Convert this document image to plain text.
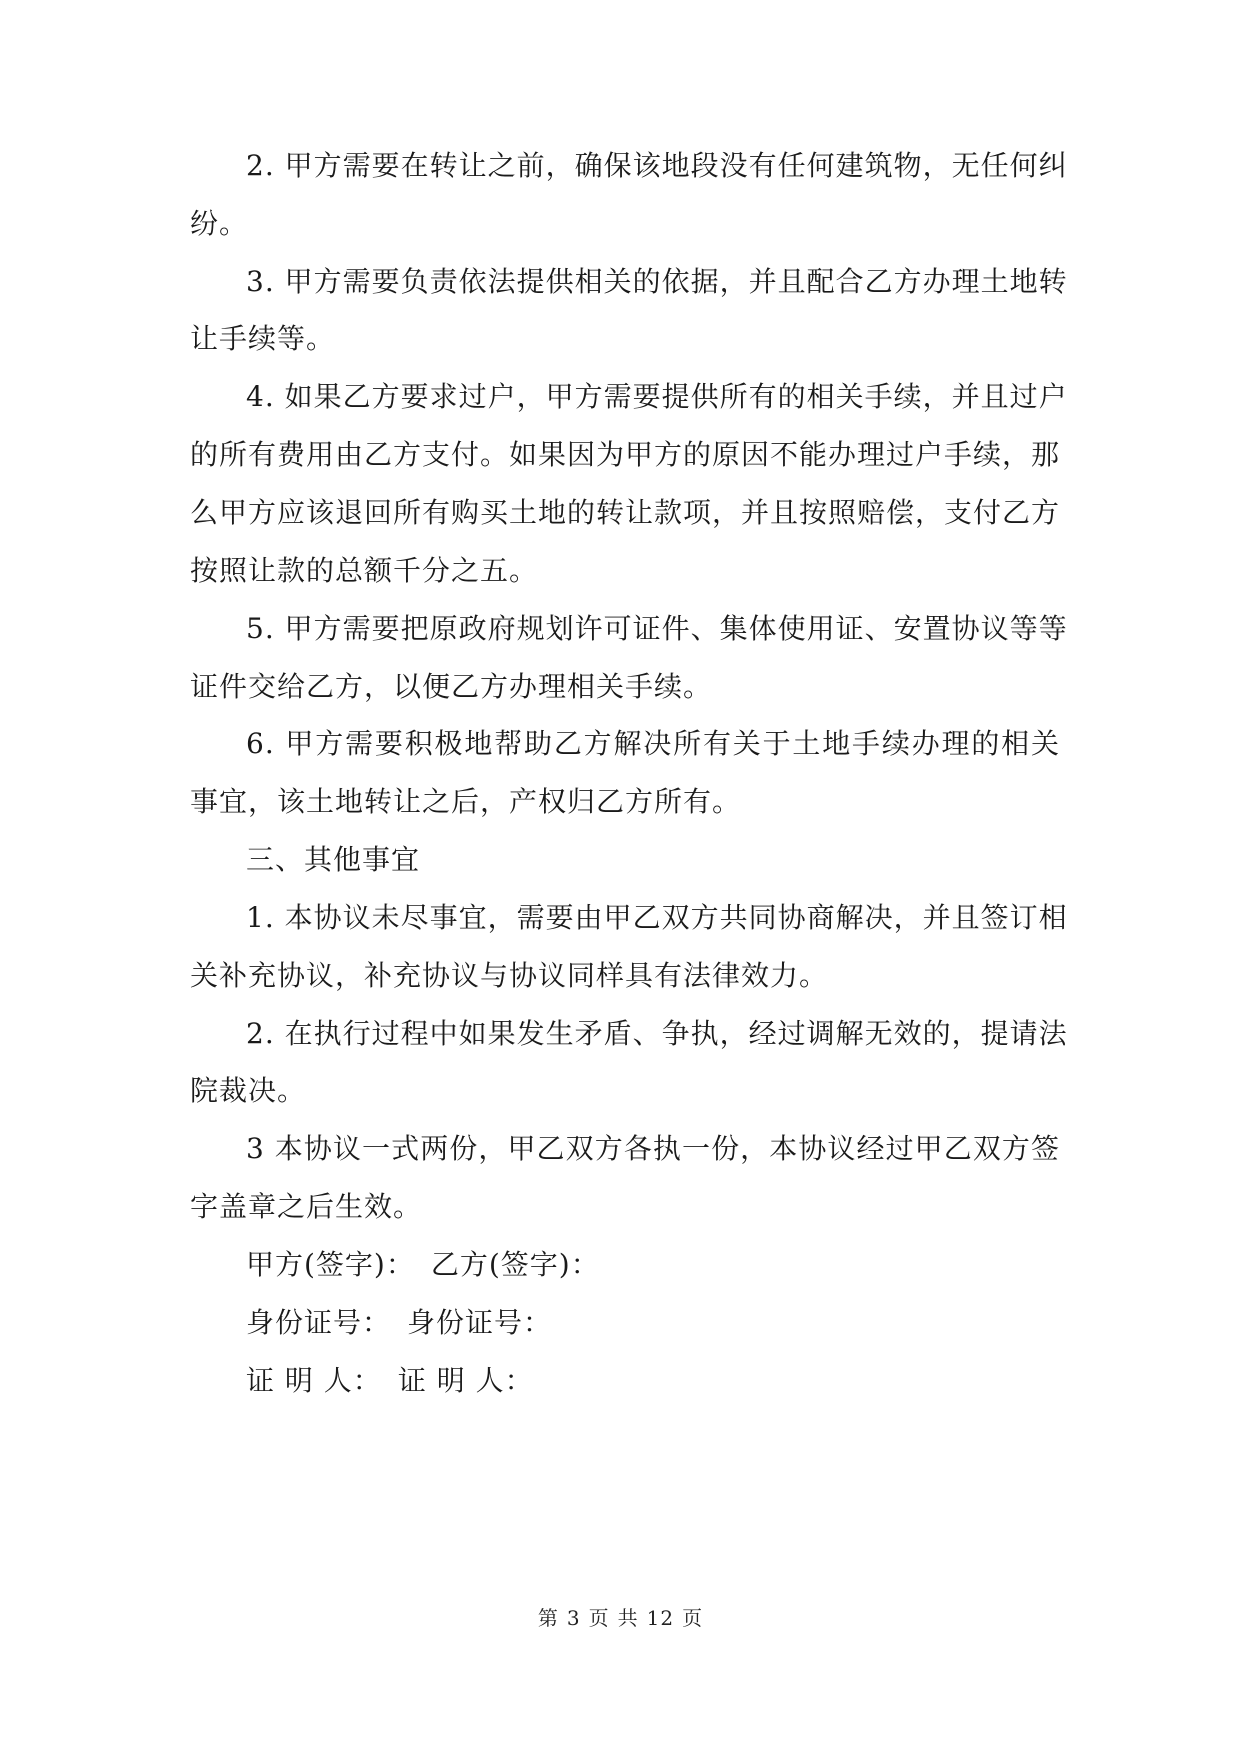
2. 甲方需要在转让之前，确保该地段没有任何建筑物，无任何纠
纷。
3. 甲方需要负责依法提供相关的依据，并且配合乙方办理土地转
让手续等。
4. 如果乙方要求过户，甲方需要提供所有的相关手续，并且过户
的所有费用由乙方支付。如果因为甲方的原因不能办理过户手续，那
么甲方应该退回所有购买土地的转让款项，并且按照赔偿，支付乙方
按照让款的总额千分之五。
5. 甲方需要把原政府规划许可证件、集体使用证、安置协议等等
证件交给乙方，以便乙方办理相关手续。
6. 甲方需要积极地帮助乙方解决所有关于土地手续办理的相关
事宜，该土地转让之后，产权归乙方所有。
三、其他事宜
1. 本协议未尽事宜，需要由甲乙双方共同协商解决，并且签订相
关补充协议，补充协议与协议同样具有法律效力。
2. 在执行过程中如果发生矛盾、争执，经过调解无效的，提请法
院裁决。
3 本协议一式两份，甲乙双方各执一份，本协议经过甲乙双方签
字盖章之后生效。
甲方(签字)： 乙方(签字)：
身份证号： 身份证号：
证 明 人： 证 明 人：
第 3 页 共 12 页
